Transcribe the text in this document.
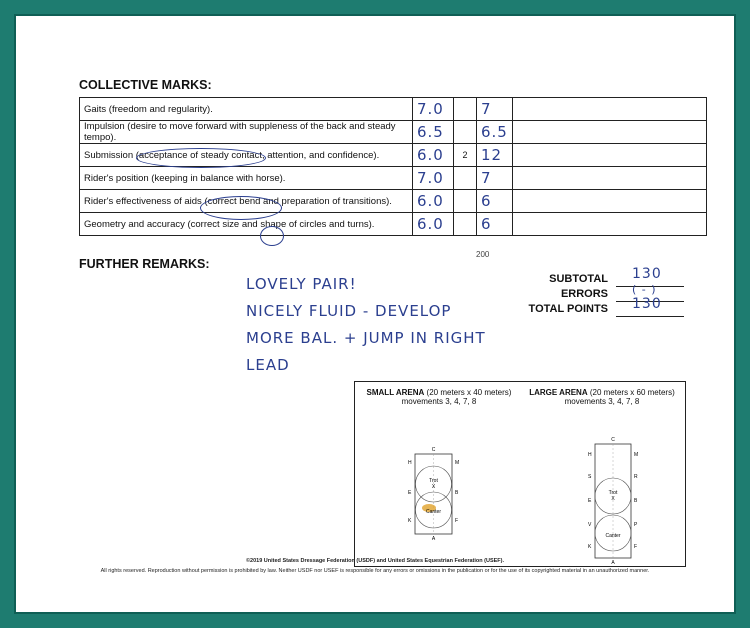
COLLECTIVE MARKS:
Gaits (freedom and regularity).	7.0		7	

Impulsion (desire to move forward with suppleness of the back and steady tempo).	6.5		6.5	

Submission (acceptance of steady contact, attention, and confidence).	6.0	2	12	

Rider's position (keeping in balance with horse).	7.0		7	

Rider's effectiveness of aids (correct bend and preparation of transitions).	6.0		6	

Geometry and accuracy (correct size and shape of circles and turns).	6.0		6	

200
FURTHER REMARKS:
LOVELY PAIR!
NICELY FLUID - DEVELOP
MORE BAL. + JUMP IN RIGHT
LEAD
SUBTOTAL 130
ERRORS ( - )
TOTAL POINTS 130
SMALL ARENA (20 meters x 40 meters)
movements 3, 4, 7, 8
LARGE ARENA (20 meters x 60 meters)
movements 3, 4, 7, 8
C
H	M
E	B
K	F
A
X
Trot
Canter
C
H	M
S	R
E	B
V	P
K	F
A
X
Trot
Canter
©2019 United States Dressage Federation (USDF) and United States Equestrian Federation (USEF).
All rights reserved. Reproduction without permission is prohibited by law. Neither USDF nor USEF is responsible for any errors or omissions in the publication or for the use of its copyrighted material in an unauthorized manner.
